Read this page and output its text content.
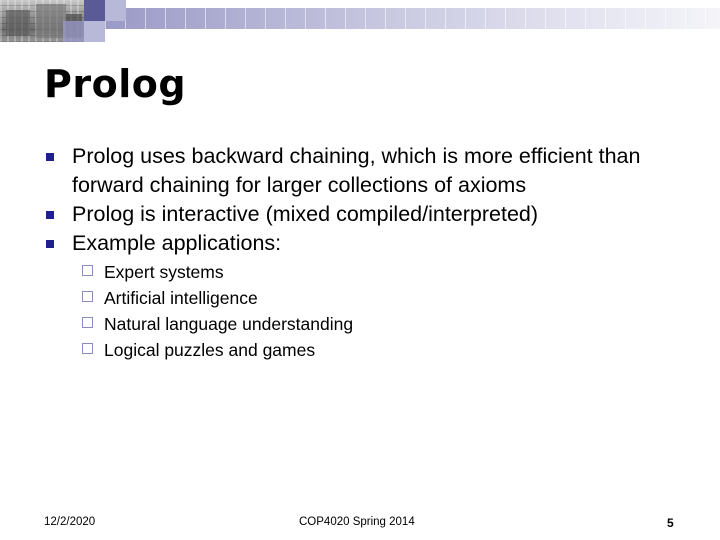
Prolog
Prolog uses backward chaining, which is more efficient than forward chaining for larger collections of axioms
Prolog is interactive (mixed compiled/interpreted)
Example applications:
Expert systems
Artificial intelligence
Natural language understanding
Logical puzzles and games
12/2/2020	COP4020 Spring 2014	5
